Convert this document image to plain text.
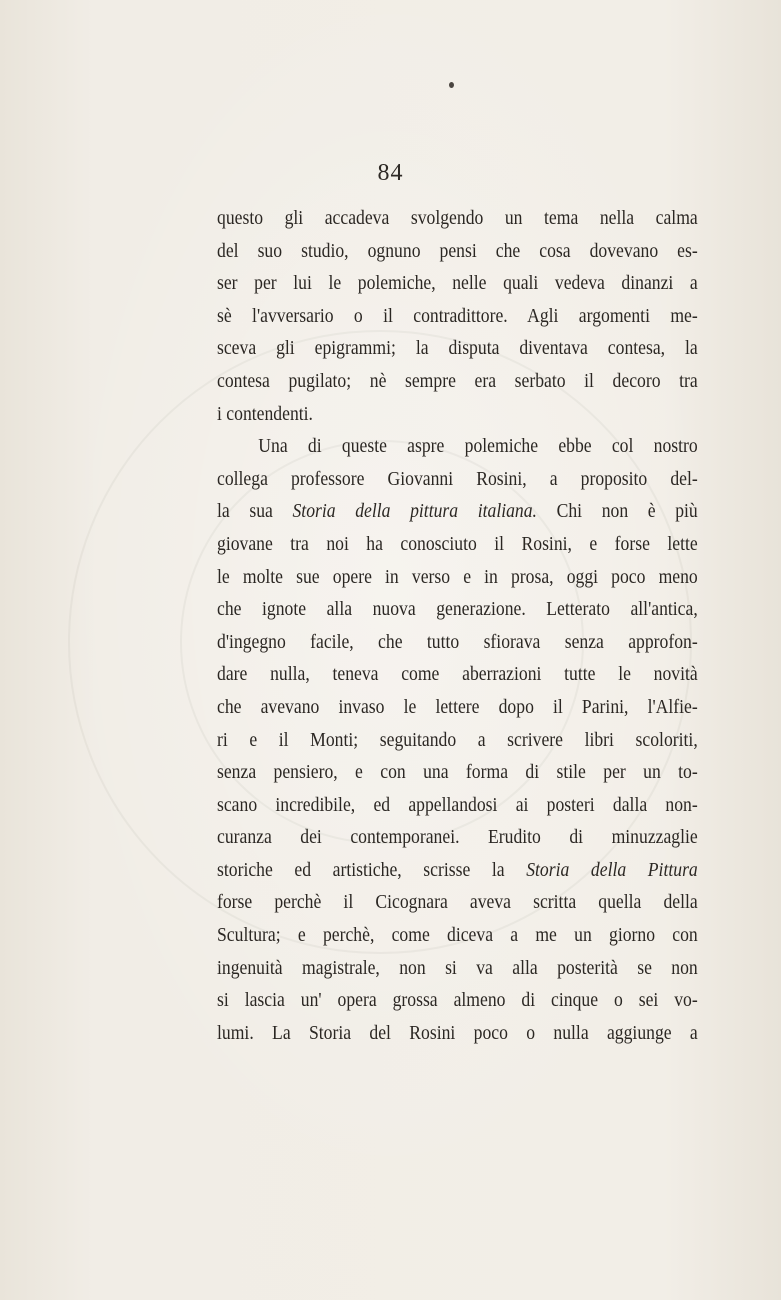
84
questo gli accadeva svolgendo un tema nella calma
del suo studio, ognuno pensi che cosa dovevano es-
ser per lui le polemiche, nelle quali vedeva dinanzi a
sè l'avversario o il contradittore. Agli argomenti me-
sceva gli epigrammi; la disputa diventava contesa, la
contesa pugilato; nè sempre era serbato il decoro tra
i contendenti.
Una di queste aspre polemiche ebbe col nostro
collega professore Giovanni Rosini, a proposito del-
la sua Storia della pittura italiana. Chi non è più
giovane tra noi ha conosciuto il Rosini, e forse lette
le molte sue opere in verso e in prosa, oggi poco meno
che ignote alla nuova generazione. Letterato all'antica,
d'ingegno facile, che tutto sfiorava senza approfon-
dare nulla, teneva come aberrazioni tutte le novità
che avevano invaso le lettere dopo il Parini, l'Alfie-
ri e il Monti; seguitando a scrivere libri scoloriti,
senza pensiero, e con una forma di stile per un to-
scano incredibile, ed appellandosi ai posteri dalla non-
curanza dei contemporanei. Erudito di minuzzaglie
storiche ed artistiche, scrisse la Storia della Pittura
forse perchè il Cicognara aveva scritta quella della
Scultura; e perchè, come diceva a me un giorno con
ingenuità magistrale, non si va alla posterità se non
si lascia un' opera grossa almeno di cinque o sei vo-
lumi. La Storia del Rosini poco o nulla aggiunge a
